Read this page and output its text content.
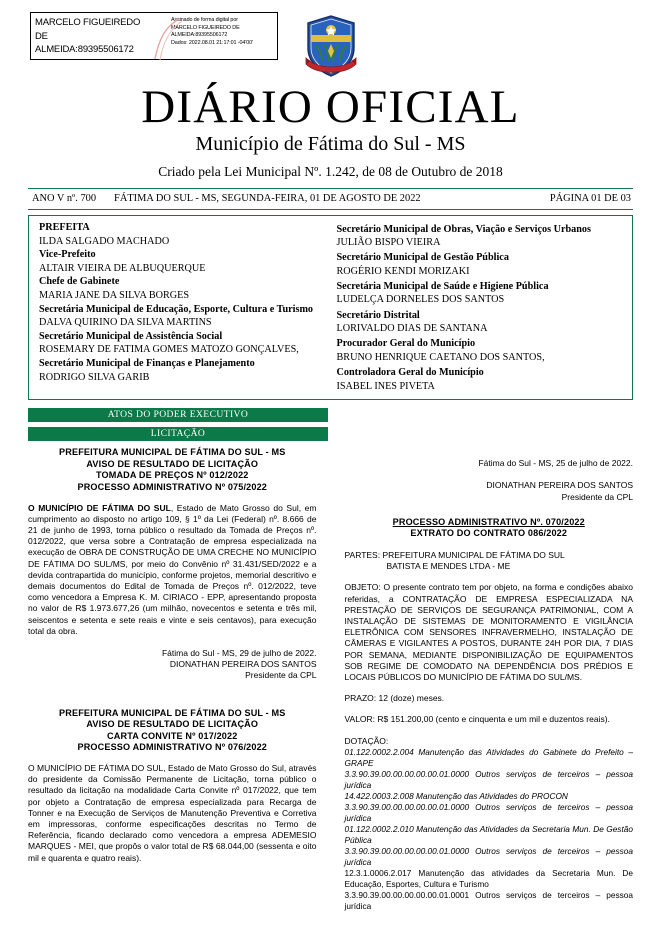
MARCELO FIGUEIREDO
DE
ALMEIDA:89395506172
Assinado de forma digital por
MARCELO FIGUEIREDO DE
ALMEIDA:89395506172
Dados: 2022.08.01 21:17:01 -04'00'
DIÁRIO OFICIAL
Município de Fátima do Sul - MS
Criado pela Lei Municipal Nº. 1.242, de 08 de Outubro de 2018
ANO V nº. 700 FÁTIMA DO SUL - MS, SEGUNDA-FEIRA, 01 DE AGOSTO DE 2022	PÁGINA 01 DE 03
PREFEITA
ILDA SALGADO MACHADO
Vice-Prefeito
ALTAIR VIEIRA DE ALBUQUERQUE
Chefe de Gabinete
MARIA JANE DA SILVA BORGES
Secretária Municipal de Educação, Esporte, Cultura e Turismo
DALVA QUIRINO DA SILVA MARTINS
Secretário Municipal de Assistência Social
ROSEMARY DE FATIMA GOMES MATOZO GONÇALVES,
Secretário Municipal de Finanças e Planejamento
RODRIGO SILVA GARIB
Secretário Municipal de Obras, Viação e Serviços Urbanos
JULIÃO BISPO VIEIRA
Secretário Municipal de Gestão Pública
ROGÉRIO KENDI MORIZAKI
Secretária Municipal de Saúde e Higiene Pública
LUDELÇA DORNELES DOS SANTOS
Secretário Distrital
LORIVALDO DIAS DE SANTANA
Procurador Geral do Município
BRUNO HENRIQUE CAETANO DOS SANTOS,
Controladora Geral do Município
ISABEL INES PIVETA
ATOS DO PODER EXECUTIVO
LICITAÇÃO
PREFEITURA MUNICIPAL DE FÁTIMA DO SUL - MS
AVISO DE RESULTADO DE LICITAÇÃO
TOMADA DE PREÇOS Nº 012/2022
PROCESSO ADMINISTRATIVO Nº 075/2022
O MUNICÍPIO DE FÁTIMA DO SUL, Estado de Mato Grosso do Sul, em cumprimento ao disposto no artigo 109, § 1º da Lei (Federal) nº. 8.666 de 21 de junho de 1993, torna público o resultado da Tomada de Preços nº. 012/2022, que versa sobre a Contratação de empresa especializada na execução de OBRA DE CONSTRUÇÃO DE UMA CRECHE NO MUNICÍPIO DE FÁTIMA DO SUL/MS, por meio do Convênio nº 31.431/SED/2022 e a devida contrapartida do município, conforme projetos, memorial descritivo e demais documentos do Edital de Tomada de Preços nº. 012/2022, teve como vencedora a Empresa K. M. CIRIACO - EPP, apresentando proposta no valor de R$ 1.973.677,26 (um milhão, novecentos e setenta e três mil, seiscentos e setenta e sete reais e vinte e seis centavos), para execução total da obra.
Fátima do Sul - MS, 29 de julho de 2022.
DIONATHAN PEREIRA DOS SANTOS
Presidente da CPL
PREFEITURA MUNICIPAL DE FÁTIMA DO SUL - MS
AVISO DE RESULTADO DE LICITAÇÃO
CARTA CONVITE Nº 017/2022
PROCESSO ADMINISTRATIVO Nº 076/2022
O MUNICÍPIO DE FÁTIMA DO SUL, Estado de Mato Grosso do Sul, através do presidente da Comissão Permanente de Licitação, torna público o resultado da licitação na modalidade Carta Convite nº 017/2022, que tem por objeto a Contratação de empresa especializada para Recarga de Tonner e na Execução de Serviços de Manutenção Preventiva e Corretiva em impressoras, conforme especificações descritas no Termo de Referência, ficando declarado como vencedora a empresa ADEMESIO MARQUES - MEI, que propôs o valor total de R$ 68.044,00 (sessenta e oito mil e quarenta e quatro reais).
Fátima do Sul - MS, 25 de julho de 2022.
DIONATHAN PEREIRA DOS SANTOS
Presidente da CPL
PROCESSO ADMINISTRATIVO Nº. 070/2022
EXTRATO DO CONTRATO 086/2022
PARTES: PREFEITURA MUNICIPAL DE FÁTIMA DO SUL
BATISTA E MENDES LTDA - ME
OBJETO: O presente contrato tem por objeto, na forma e condições abaixo referidas, a CONTRATAÇÃO DE EMPRESA ESPECIALIZADA NA PRESTAÇÃO DE SERVIÇOS DE SEGURANÇA PATRIMONIAL, COM A INSTALAÇÃO DE SISTEMAS DE MONITORAMENTO E VIGILÂNCIA ELETRÔNICA COM SENSORES INFRAVERMELHO, INSTALAÇÃO DE CÂMERAS E VIGILANTES A POSTOS, DURANTE 24H POR DIA, 7 DIAS POR SEMANA, MEDIANTE DISPONIBILIZAÇÃO DE EQUIPAMENTOS SOB REGIME DE COMODATO NA DEPENDÊNCIA DOS PRÉDIOS E LOCAIS PÚBLICOS DO MUNICÍPIO DE FÁTIMA DO SUL/MS.
PRAZO: 12 (doze) meses.
VALOR: R$ 151.200,00 (cento e cinquenta e um mil e duzentos reais).
DOTAÇÃO:
01.122.0002.2.004 Manutenção das Atividades do Gabinete do Prefeito – GRAPE
3.3.90.39.00.00.00.00.00.01.0000 Outros serviços de terceiros – pessoa jurídica
14.422.0003.2.008 Manutenção das Atividades do PROCON
3.3.90.39.00.00.00.00.00.01.0000 Outros serviços de terceiros – pessoa jurídica
01.122.0002.2.010 Manutenção das Atividades da Secretaria Mun. De Gestão Pública
3.3.90.39.00.00.00.00.00.01.0000 Outros serviços de terceiros – pessoa jurídica
12.3.1.0006.2.017 Manutenção das atividades da Secretaria Mun. De Educação, Esportes, Cultura e Turismo
3.3.90.39.00.00.00.00.00.01.0001 Outros serviços de terceiros – pessoa jurídica
